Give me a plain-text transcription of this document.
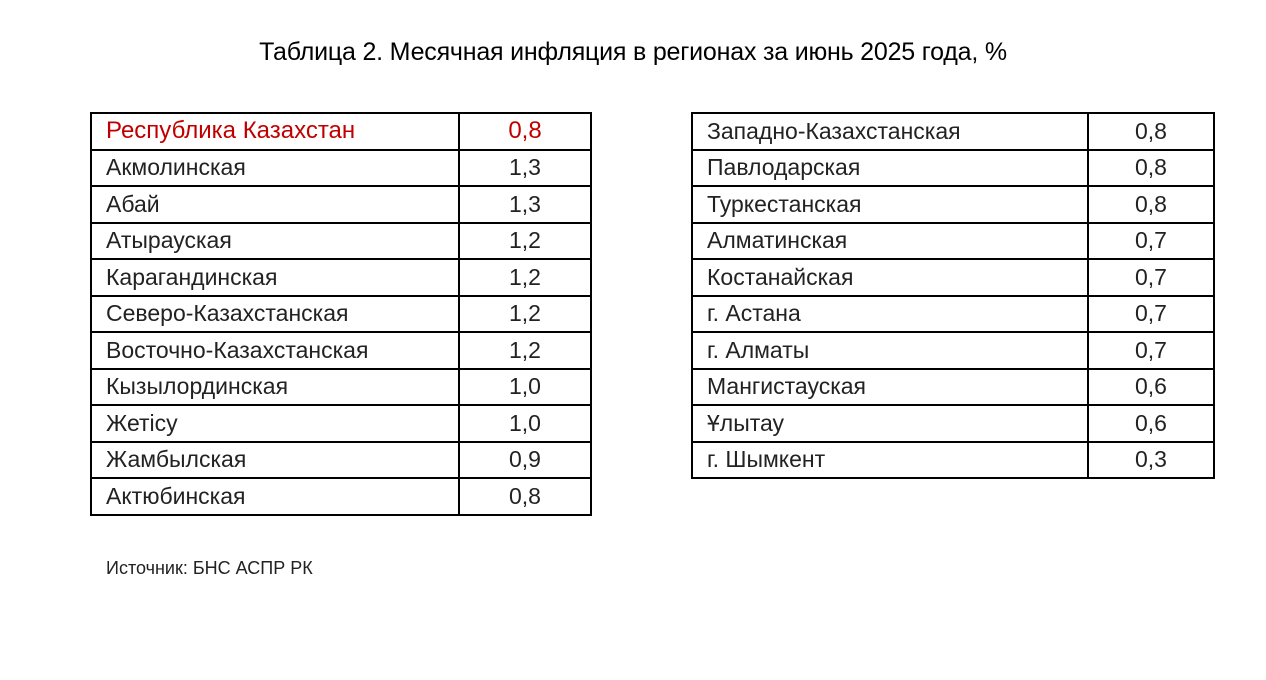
Таблица 2. Месячная инфляция в регионах за июнь 2025 года, %
Республика Казахстан	0,8
Акмолинская	1,3
Абай	1,3
Атырауская	1,2
Карагандинская	1,2
Северо-Казахстанская	1,2
Восточно-Казахстанская	1,2
Кызылординская	1,0
Жетісу	1,0
Жамбылская	0,9
Актюбинская	0,8
Западно-Казахстанская	0,8
Павлодарская	0,8
Туркестанская	0,8
Алматинская	0,7
Костанайская	0,7
г. Астана	0,7
г. Алматы	0,7
Мангистауская	0,6
Ұлытау	0,6
г. Шымкент	0,3
Источник: БНС АСПР РК
